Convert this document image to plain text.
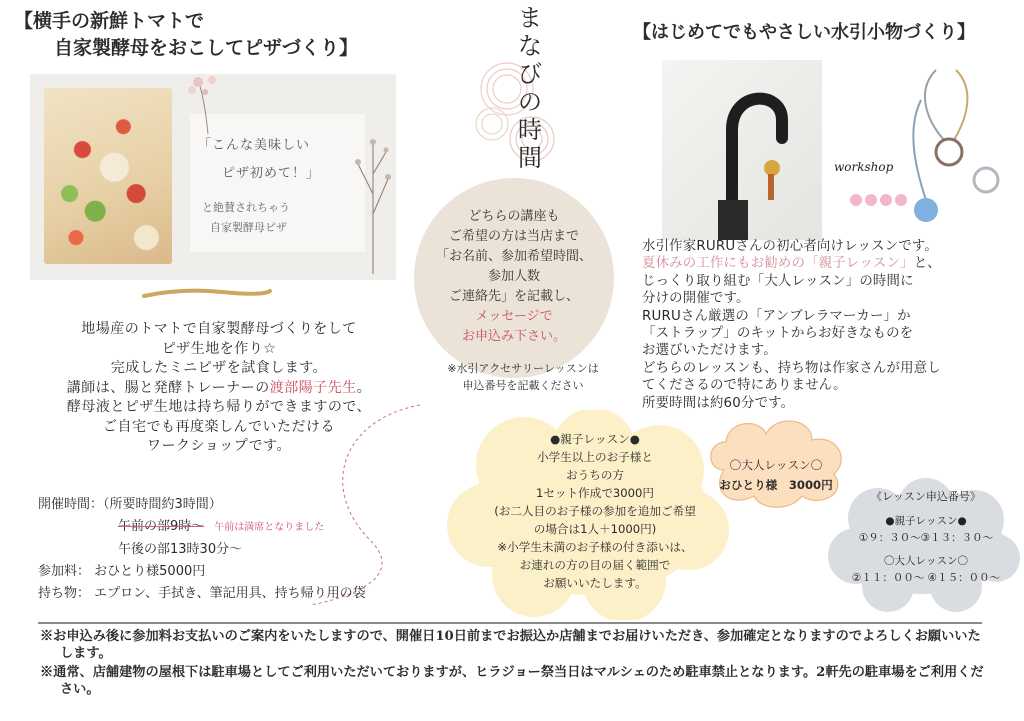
【横手の新鮮トマトで
自家製酵母をおこしてピザづくり】
「こんな美味しい
ピザ初めて！」
と絶賛されちゃう
自家製酵母ピザ
地場産のトマトで自家製酵母づくりをして
ピザ生地を作り☆
完成したミニピザを試食します。
講師は、腸と発酵トレーナーの渡部陽子先生。
酵母液とピザ生地は持ち帰りができますので、
ご自宅でも再度楽しんでいただける
ワークショップです。
開催時間：（所要時間約3時間）
午前の部9時～ 午前は満席となりました
午後の部13時30分～
参加料： おひとり様5000円
持ち物： エプロン、手拭き、筆記用具、持ち帰り用の袋
まなびの時間
どちらの講座も
ご希望の方は当店まで
「お名前、参加希望時間、
参加人数
ご連絡先」を記載し、
メッセージで
お申込み下さい。
※水引アクセサリーレッスンは
申込番号を記載ください
【はじめてでもやさしい水引小物づくり】
workshop
水引作家RURUさんの初心者向けレッスンです。
夏休みの工作にもお勧めの「親子レッスン」と、
じっくり取り組む「大人レッスン」の時間に
分けの開催です。
RURUさん厳選の「アンブレラマーカー」か
「ストラップ」のキットからお好きなものを
お選びいただけます。
どちらのレッスンも、持ち物は作家さんが用意し
てくださるので特にありません。
所要時間は約60分です。
●親子レッスン●
小学生以上のお子様と
おうちの方
1セット作成で3000円
(お二人目のお子様の参加を追加ご希望
の場合は1人＋1000円)
※小学生未満のお子様の付き添いは、
お連れの方の目の届く範囲で
お願いいたします。
〇大人レッスン〇
おひとり様　3000円
《レッスン申込番号》
●親子レッスン●
①９：３０～③１３：３０～
〇大人レッスン〇
②１１：００～ ④１５：００～
※お申込み後に参加料お支払いのご案内をいたしますので、開催日10日前までお振込か店舗までお届けいただき、参加確定となりますのでよろしくお願いいたします。
※通常、店舗建物の屋根下は駐車場としてご利用いただいておりますが、ヒラジョー祭当日はマルシェのため駐車禁止となります。2軒先の駐車場をご利用ください。
